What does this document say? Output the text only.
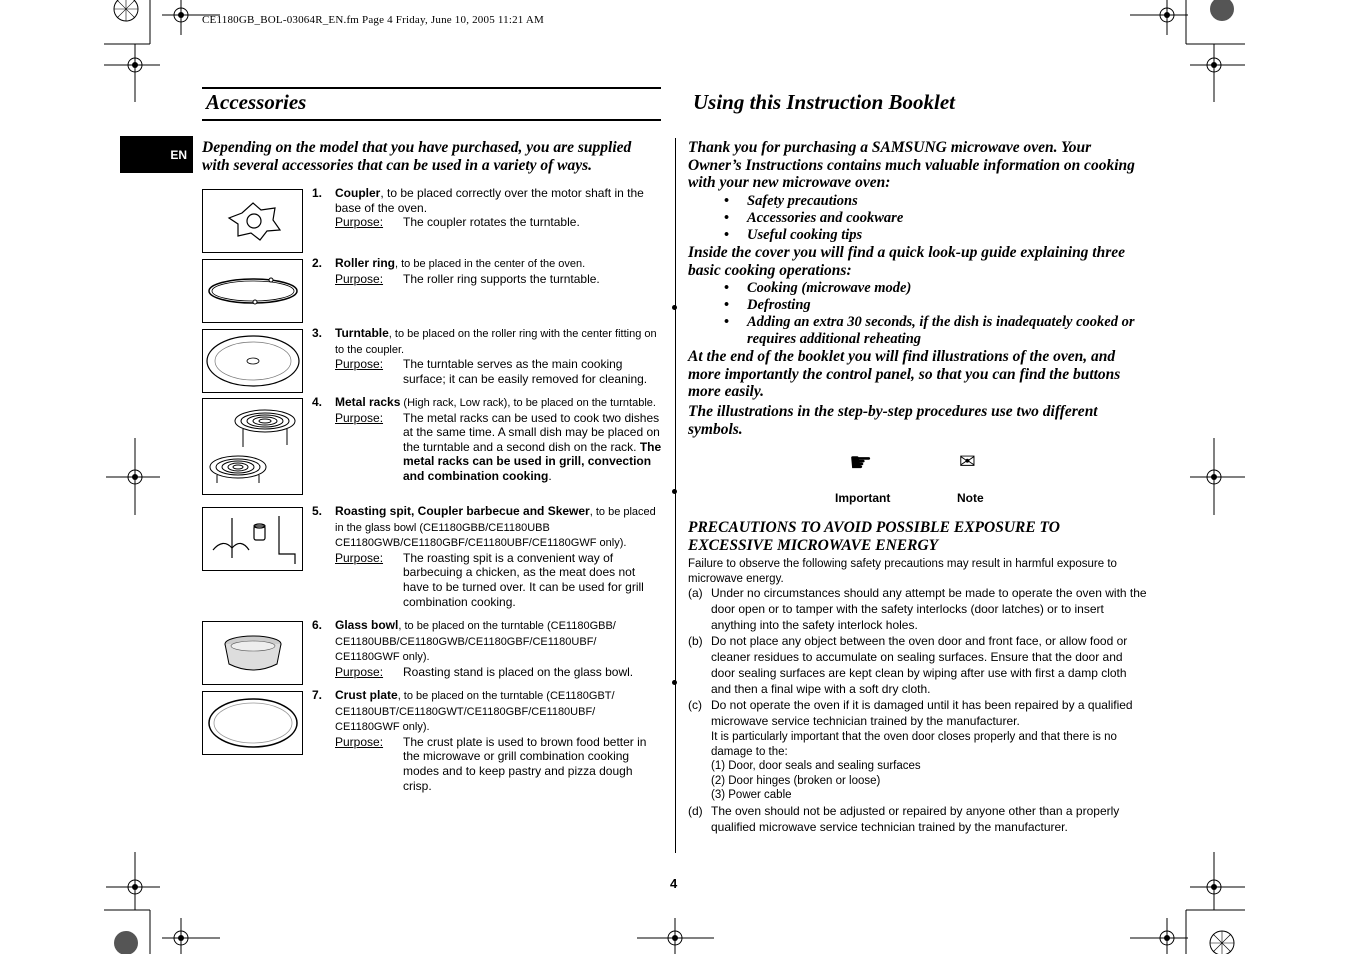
CE1180GB_BOL-03064R_EN.fm Page 4 Friday, June 10, 2005 11:21 AM
Accessories	Using this Instruction Booklet
EN Depending on the model that you have purchased, you are supplied with several accessories that can be used in a variety of ways.
1. Coupler, to be placed correctly over the motor shaft in the base of the oven.
Purpose:	The coupler rotates the turntable.
2. Roller ring, to be placed in the center of the oven.
Purpose:	The roller ring supports the turntable.
3. Turntable, to be placed on the roller ring with the center fitting on to the coupler.
Purpose:	The turntable serves as the main cooking surface; it can be easily removed for cleaning.
4. Metal racks (High rack, Low rack), to be placed on the turntable.
Purpose:	The metal racks can be used to cook two dishes at the same time. A small dish may be placed on the turntable and a second dish on the rack. The metal racks can be used in grill, convection and combination cooking.
5. Roasting spit, Coupler barbecue and Skewer, to be placed in the glass bowl (CE1180GBB/CE1180UBB CE1180GWB/CE1180GBF/CE1180UBF/CE1180GWF only).
Purpose:	The roasting spit is a convenient way of barbecuing a chicken, as the meat does not have to be turned over. It can be used for grill combination cooking.
6. Glass bowl, to be placed on the turntable (CE1180GBB/ CE1180UBB/CE1180GWB/CE1180GBF/CE1180UBF/ CE1180GWF only).
Purpose:	Roasting stand is placed on the glass bowl.
7. Crust plate, to be placed on the turntable (CE1180GBT/ CE1180UBT/CE1180GWT/CE1180GBF/CE1180UBF/ CE1180GWF only).
Purpose:	The crust plate is used to brown food better in the microwave or grill combination cooking modes and to keep pastry and pizza dough crisp.
Thank you for purchasing a SAMSUNG microwave oven. Your Owner’s Instructions contains much valuable information on cooking with your new microwave oven:
•	Safety precautions
•	Accessories and cookware
•	Useful cooking tips
Inside the cover you will find a quick look-up guide explaining three basic cooking operations:
•	Cooking (microwave mode)
•	Defrosting
•	Adding an extra 30 seconds, if the dish is inadequately cooked or requires additional reheating
At the end of the booklet you will find illustrations of the oven, and more importantly the control panel, so that you can find the buttons more easily.
The illustrations in the step-by-step procedures use two different symbols.
☛
Important
✉
Note
PRECAUTIONS TO AVOID POSSIBLE EXPOSURE TO EXCESSIVE MICROWAVE ENERGY
Failure to observe the following safety precautions may result in harmful exposure to microwave energy.
(a) Under no circumstances should any attempt be made to operate the oven with the door open or to tamper with the safety interlocks (door latches) or to insert anything into the safety interlock holes.
(b) Do not place any object between the oven door and front face, or allow food or cleaner residues to accumulate on sealing surfaces. Ensure that the door and door sealing surfaces are kept clean by wiping after use with first a damp cloth and then a final wipe with a soft dry cloth.
(c) Do not operate the oven if it is damaged until it has been repaired by a qualified microwave service technician trained by the manufacturer.
It is particularly important that the oven door closes properly and that there is no damage to the:
(1) Door, door seals and sealing surfaces
(2) Door hinges (broken or loose)
(3) Power cable
(d) The oven should not be adjusted or repaired by anyone other than a properly qualified microwave service technician trained by the manufacturer.
4
